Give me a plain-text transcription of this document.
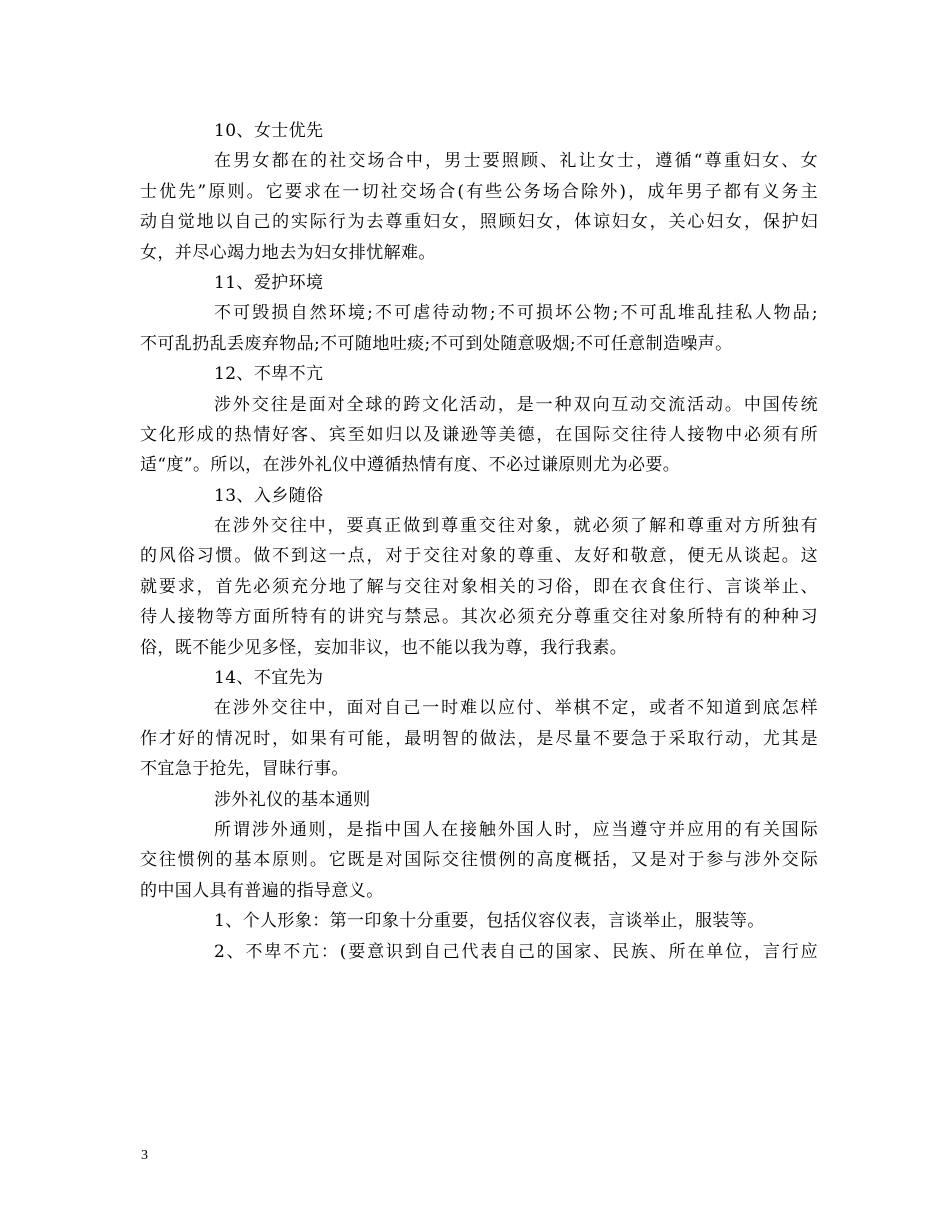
10、女士优先
在男女都在的社交场合中，男士要照顾、礼让女士，遵循“尊重妇女、女
士优先”原则。它要求在一切社交场合(有些公务场合除外)，成年男子都有义务主
动自觉地以自己的实际行为去尊重妇女，照顾妇女，体谅妇女，关心妇女，保护妇
女，并尽心竭力地去为妇女排忧解难。
11、爱护环境
不可毁损自然环境;不可虐待动物;不可损坏公物;不可乱堆乱挂私人物品;
不可乱扔乱丢废弃物品;不可随地吐痰;不可到处随意吸烟;不可任意制造噪声。
12、不卑不亢
涉外交往是面对全球的跨文化活动，是一种双向互动交流活动。中国传统
文化形成的热情好客、宾至如归以及谦逊等美德，在国际交往待人接物中必须有所
适“度”。所以，在涉外礼仪中遵循热情有度、不必过谦原则尤为必要。
13、入乡随俗
在涉外交往中，要真正做到尊重交往对象，就必须了解和尊重对方所独有
的风俗习惯。做不到这一点，对于交往对象的尊重、友好和敬意，便无从谈起。这
就要求，首先必须充分地了解与交往对象相关的习俗，即在衣食住行、言谈举止、
待人接物等方面所特有的讲究与禁忌。其次必须充分尊重交往对象所特有的种种习
俗，既不能少见多怪，妄加非议，也不能以我为尊，我行我素。
14、不宜先为
在涉外交往中，面对自己一时难以应付、举棋不定，或者不知道到底怎样
作才好的情况时，如果有可能，最明智的做法，是尽量不要急于采取行动，尤其是
不宜急于抢先，冒昧行事。
涉外礼仪的基本通则
所谓涉外通则，是指中国人在接触外国人时，应当遵守并应用的有关国际
交往惯例的基本原则。它既是对国际交往惯例的高度概括，又是对于参与涉外交际
的中国人具有普遍的指导意义。
1、个人形象：第一印象十分重要，包括仪容仪表，言谈举止，服装等。
2、不卑不亢：(要意识到自己代表自己的国家、民族、所在单位，言行应
3
